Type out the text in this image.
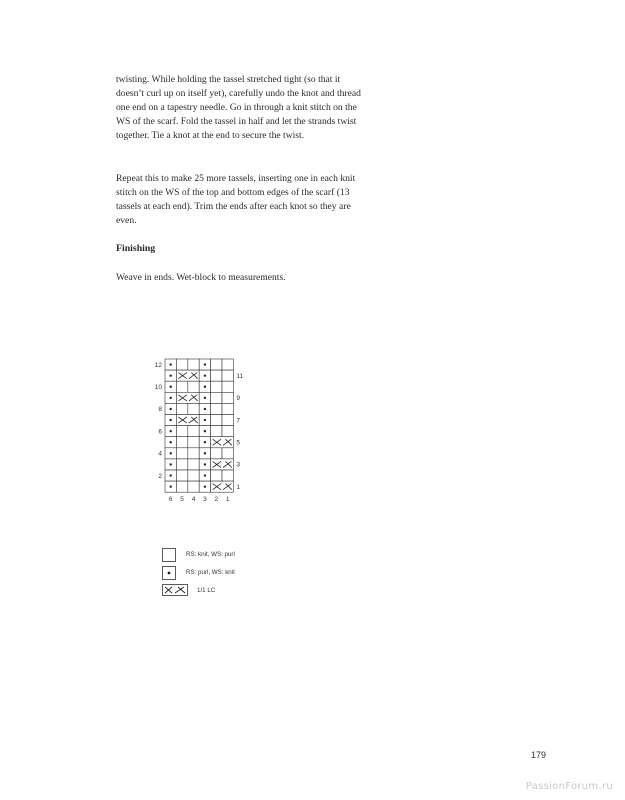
twisting. While holding the tassel stretched tight (so that it doesn’t curl up on itself yet), carefully undo the knot and thread one end on a tapestry needle. Go in through a knit stitch on the WS of the scarf. Fold the tassel in half and let the strands twist together. Tie a knot at the end to secure the twist.

Repeat this to make 25 more tassels, inserting one in each knit stitch on the WS of the top and bottom edges of the scarf (13 tassels at each end). Trim the ends after each knot so they are even.

Finishing

Weave in ends. Wet-block to measurements.

12
11
10
9
8
7
6
5
4
3
2
1
6 5 4 3 2 1
RS: knit, WS: purl
RS: purl, WS: knit
1/1 LC
179
PassionForum.ru
